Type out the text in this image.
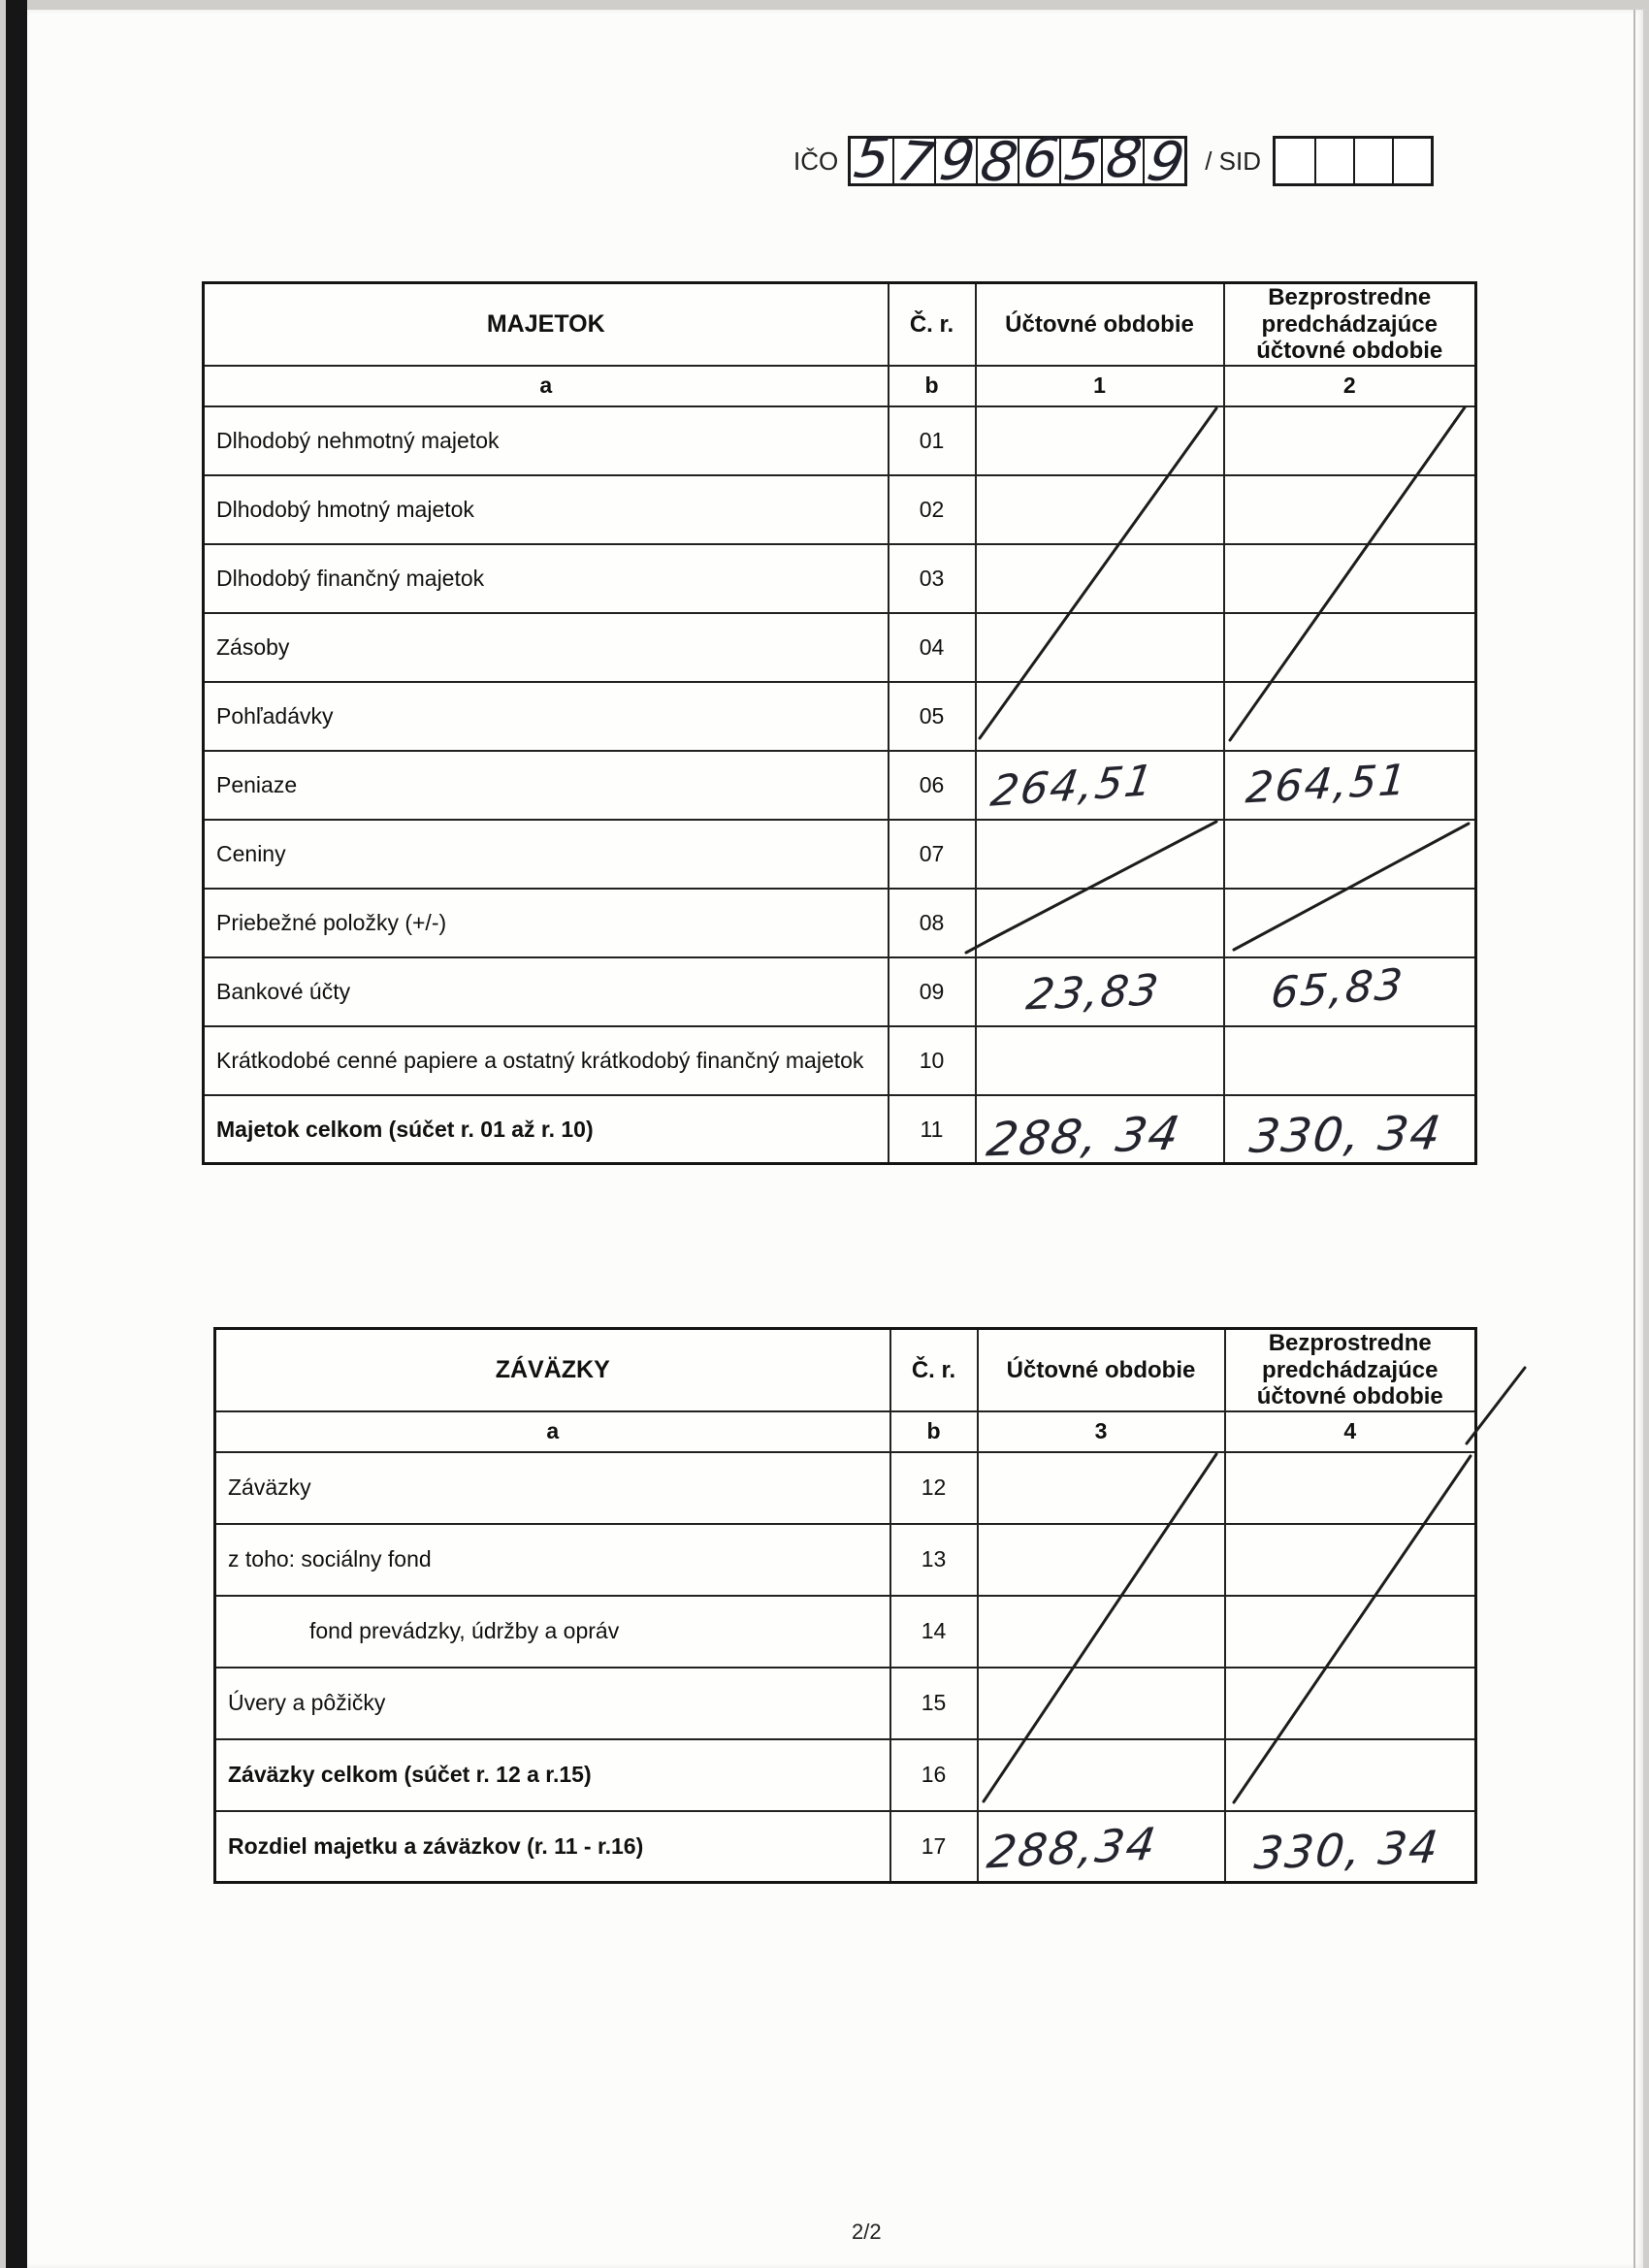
IČO 5
7
9
8
6 5 8
9 / SID
MAJETOK	Č. r.	Účtovné obdobie	Bezprostredne predchádzajúce účtovné obdobie
a	b	1	2
Dlhodobý nehmotný majetok	01	

Dlhodobý hmotný majetok	02	

Dlhodobý finančný majetok	03	

Zásoby	04	

Pohľadávky	05	

Peniaze	06	264,51	264,51

Ceniny	07	

Priebežné položky (+/-)	08	

Bankové účty	09	23,83	65,83

Krátkodobé cenné papiere a ostatný krátkodobý finančný majetok	10	

Majetok celkom (súčet r. 01 až r. 10)	11	288, 34	330, 34
ZÁVÄZKY	Č. r.	Účtovné obdobie	Bezprostredne predchádzajúce účtovné obdobie
a	b	3	4
Záväzky	12	

z toho: sociálny fond	13	

fond prevádzky, údržby a opráv	14	

Úvery a pôžičky	15	

Záväzky celkom (súčet r. 12 a r.15)	16	

Rozdiel majetku a záväzkov (r. 11 - r.16)	17	288,34	330, 34
2/2
